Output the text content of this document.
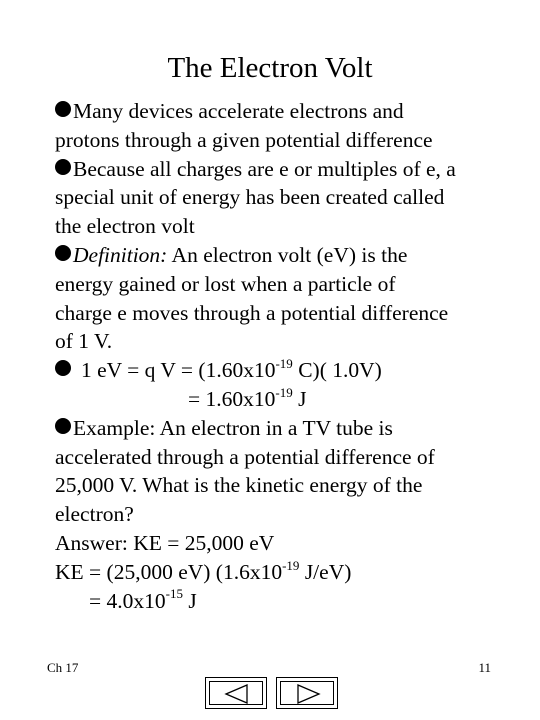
The Electron Volt
Many devices accelerate electrons and
protons through a given potential difference
Because all charges are e or multiples of e, a
special unit of energy has been created called
the electron volt
Definition: An electron volt (eV) is the
energy gained or lost when a particle of
charge e moves through a potential difference
of 1 V.
1 eV = q $V = (1.60x10^{-19}$ C)( 1.0V)
= $1.60x10^{-19}$ J
Example: An electron in a TV tube is
accelerated through a potential difference of
25,000 V. What is the kinetic energy of the
electron?
Answer: KE = 25,000 eV
KE = (25,000 eV) ($1.6x10^{-19}$ J/eV)
= $4.0x10^{-15}$ J
Ch 17	11
